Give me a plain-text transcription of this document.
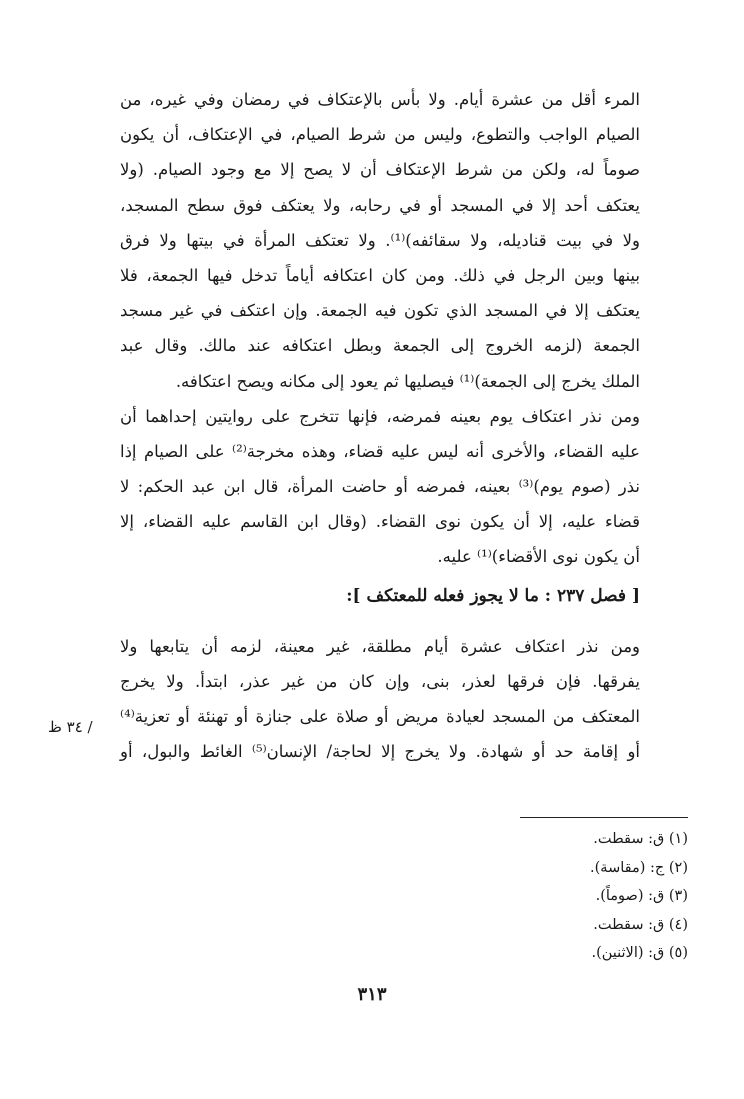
المرء أقل من عشرة أيام. ولا بأس بالإعتكاف في رمضان وفي غيره، من
الصيام الواجب والتطوع، وليس من شرط الصيام، في الإعتكاف، أن يكون
صوماً له، ولكن من شرط الإعتكاف أن لا يصح إلا مع وجود الصيام. (ولا
يعتكف أحد إلا في المسجد أو في رحابه، ولا يعتكف فوق سطح المسجد،
ولا في بيت قناديله، ولا سقائفه)⁽¹⁾. ولا تعتكف المرأة في بيتها ولا فرق
بينها وبين الرجل في ذلك. ومن كان اعتكافه أياماً تدخل فيها الجمعة، فلا
يعتكف إلا في المسجد الذي تكون فيه الجمعة. وإن اعتكف في غير مسجد
الجمعة (لزمه الخروج إلى الجمعة وبطل اعتكافه عند مالك. وقال عبد
الملك يخرج إلى الجمعة)⁽¹⁾ فيصليها ثم يعود إلى مكانه ويصح اعتكافه.
ومن نذر اعتكاف يوم بعينه فمرضه، فإنها تتخرج على روايتين إحداهما أن
عليه القضاء، والأخرى أنه ليس عليه قضاء، وهذه مخرجة⁽²⁾ على الصيام إذا
نذر (صوم يوم)⁽³⁾ بعينه، فمرضه أو حاضت المرأة، قال ابن عبد الحكم: لا
قضاء عليه، إلا أن يكون نوى القضاء. (وقال ابن القاسم عليه القضاء، إلا
أن يكون نوى الأقضاء)⁽¹⁾ عليه.
[ فصل ٢٣٧ : ما لا يجوز فعله للمعتكف ]:
ومن نذر اعتكاف عشرة أيام مطلقة، غير معينة، لزمه أن يتابعها ولا
يفرقها. فإن فرقها لعذر، بنى، وإن كان من غير عذر، ابتدأ. ولا يخرج
المعتكف من المسجد لعيادة مريض أو صلاة على جنازة أو تهنئة أو تعزية⁽⁴⁾
أو إقامة حد أو شهادة. ولا يخرج إلا لحاجة/ الإنسان⁽⁵⁾ الغائط والبول، أو
/ ٣٤ ظ
(١) ق: سقطت.
(٢) ج: (مقاسة).
(٣) ق: (صوماً).
(٤) ق: سقطت.
(٥) ق: (الاثنين).
٣١٣
